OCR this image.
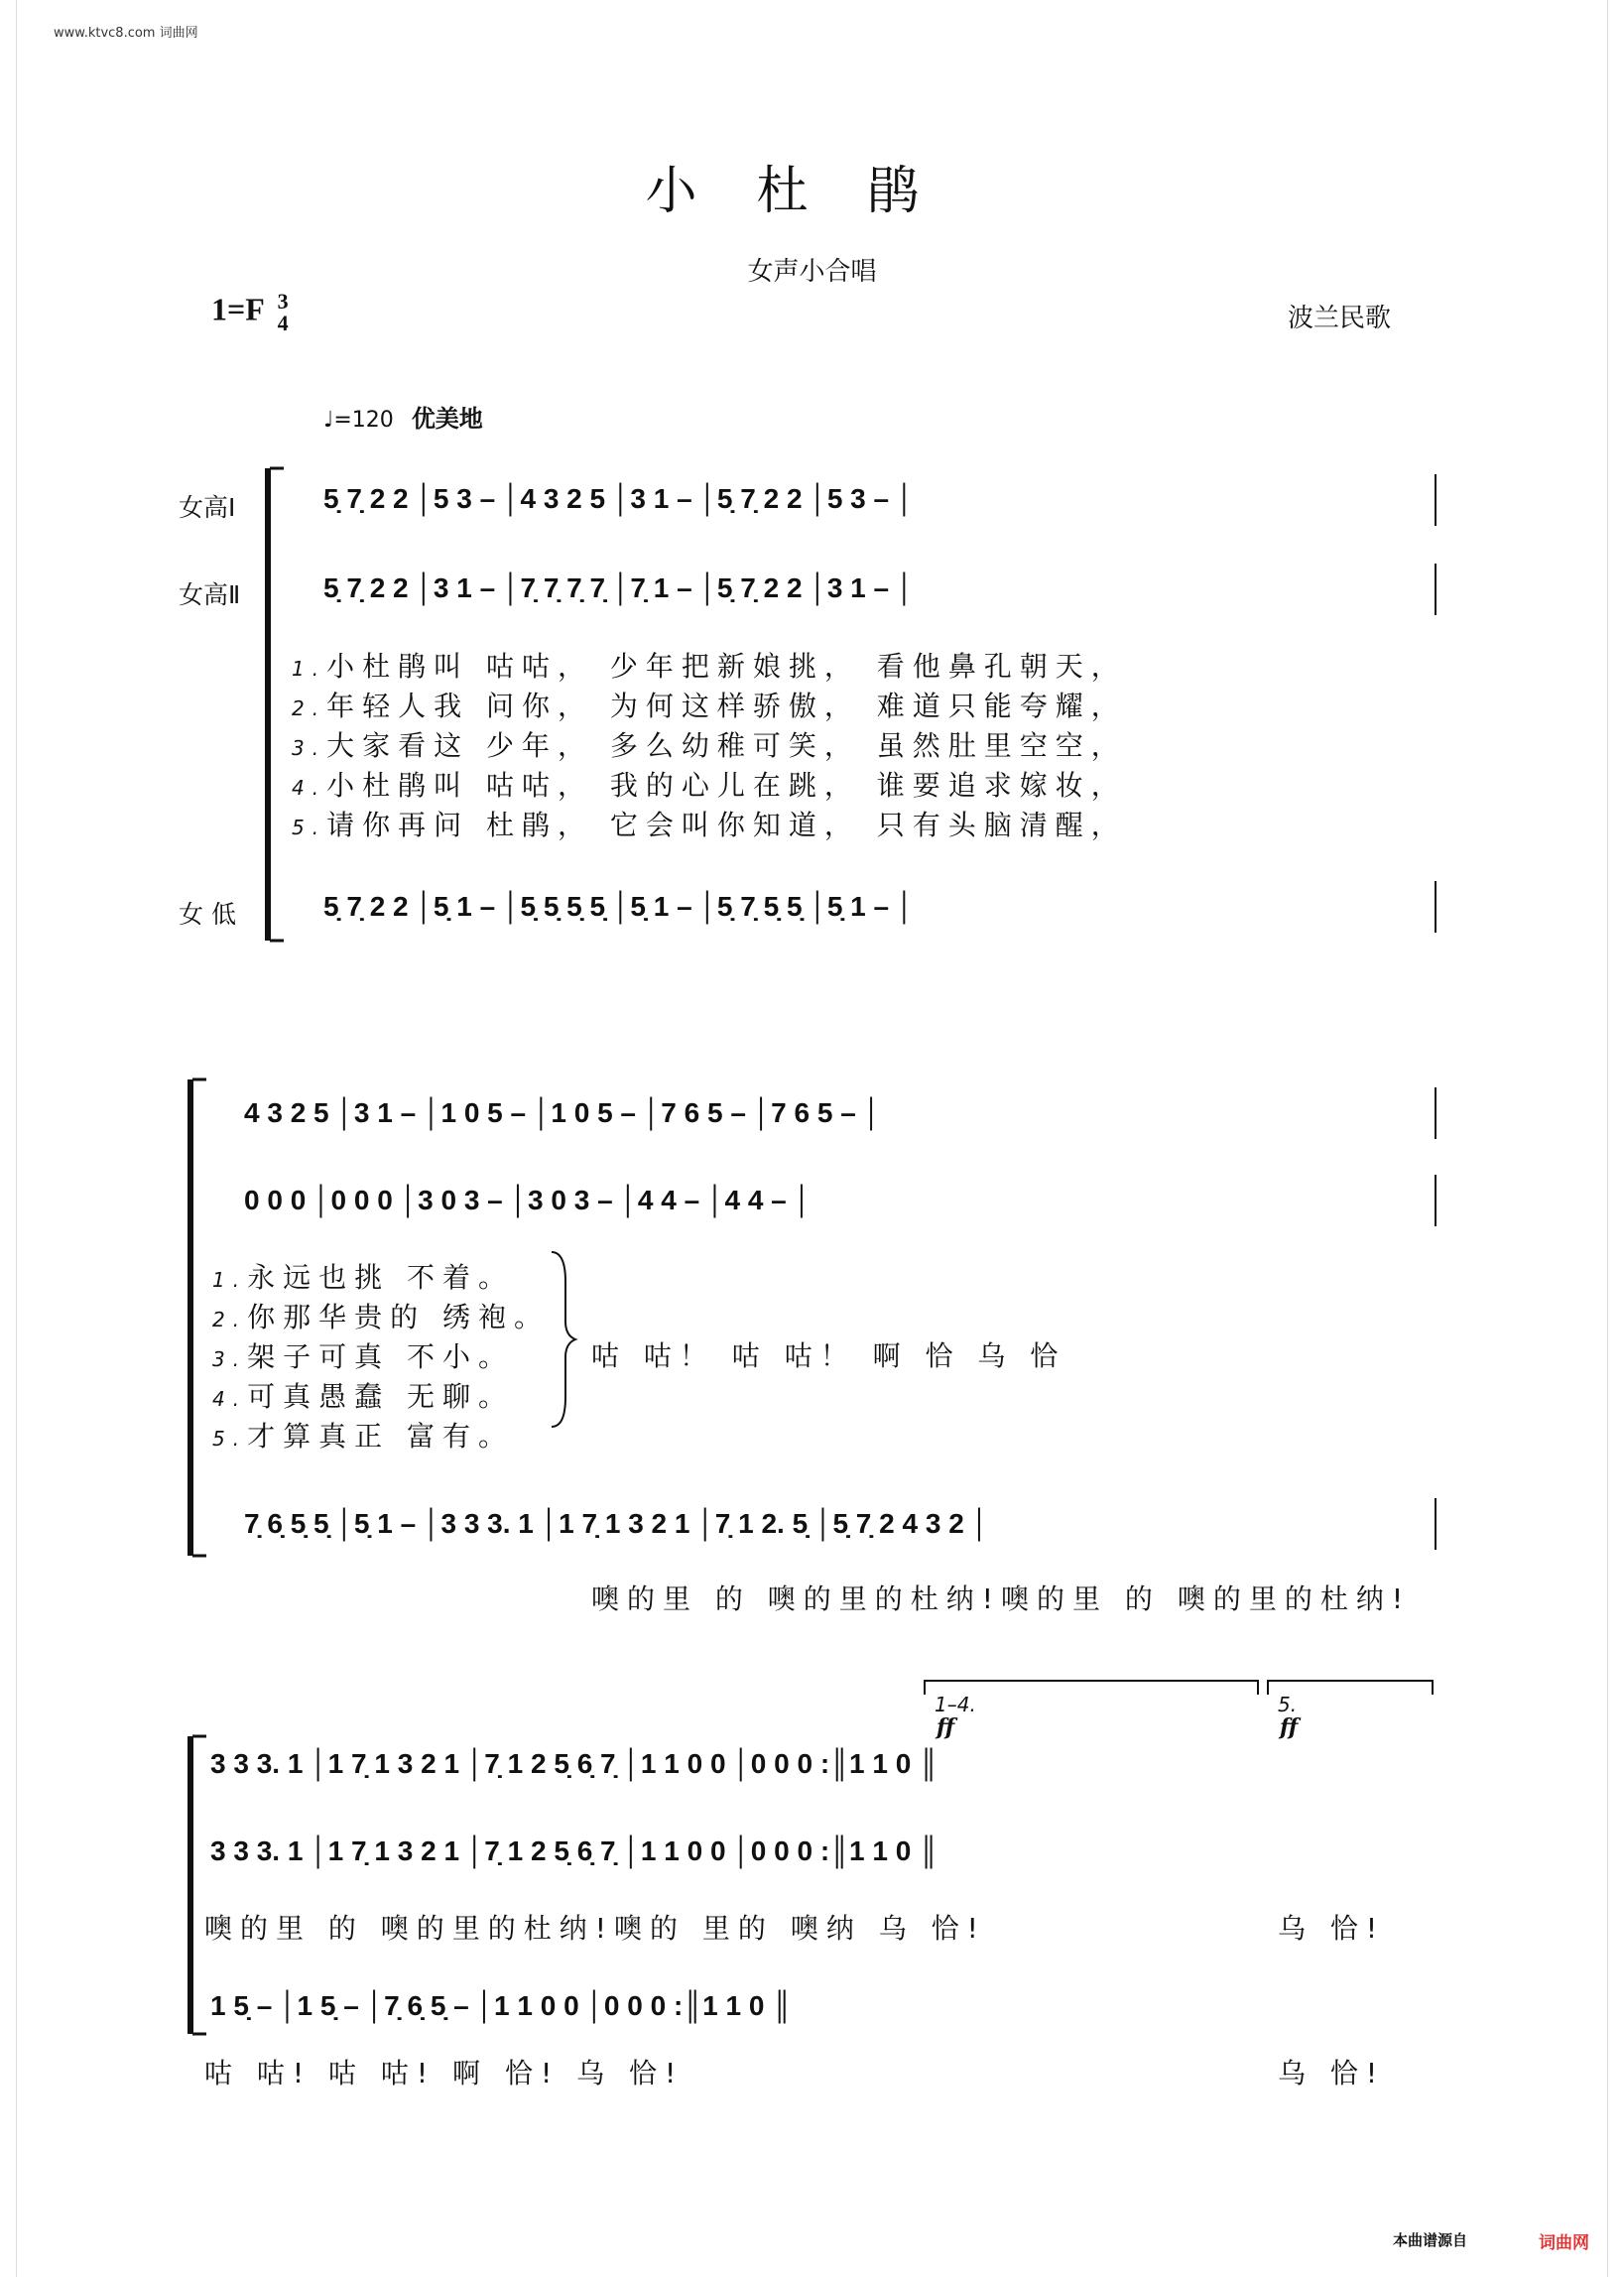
www.ktvc8.com 词曲网
小杜鹃
女声小合唱
1=F 3
4	波兰民歌
♩=120 优美地
女高Ⅰ
女高Ⅱ
女 低
5̣ 7̣ 2 2 │5 3 – │4 3 2 5 │3 1 – │5̣ 7̣ 2 2 │5 3 – │
5̣ 7̣ 2 2 │3 1 – │7̣ 7̣ 7̣ 7̣ │7̣ 1 – │5̣ 7̣ 2 2 │3 1 – │
5̣ 7̣ 2 2 │5̣ 1 – │5̣ 5̣ 5̣ 5̣ │5̣ 1 – │5̣ 7̣ 5̣ 5̣ │5̣ 1 – │
1.小杜鹃叫 咕咕， 少年把新娘挑， 看他鼻孔朝天，
2.年轻人我 问你， 为何这样骄傲， 难道只能夸耀，
3.大家看这 少年， 多么幼稚可笑， 虽然肚里空空，
4.小杜鹃叫 咕咕， 我的心儿在跳， 谁要追求嫁妆，
5.请你再问 杜鹃， 它会叫你知道， 只有头脑清醒，
4 3 2 5 │3 1 – │1 0 5 – │1 0 5 – │7 6 5 – │7 6 5 – │
0 0 0 │0 0 0 │3 0 3 – │3 0 3 – │4 4 – │4 4 – │
1.永远也挑 不着。
2.你那华贵的 绣袍。
3.架子可真 不小。
4.可真愚蠢 无聊。
5.才算真正 富有。
咕 咕！ 咕 咕！ 啊 恰 乌 恰
7̣ 6̣ 5̣ 5̣ │5̣ 1 – │3 3 3. 1 │1 7̣ 1 3 2 1 │7̣ 1 2. 5̣ │5̣ 7̣ 2 4 3 2 │
噢的里 的 噢的里的杜纳!噢的里 的 噢的里的杜纳!
1–4.	5.
ff	ff
3 3 3. 1 │1 7̣ 1 3 2 1 │7̣ 1 2 5̣ 6̣ 7̣ │1 1 0 0 │0 0 0 :║1 1 0 ║
3 3 3. 1 │1 7̣ 1 3 2 1 │7̣ 1 2 5̣ 6̣ 7̣ │1 1 0 0 │0 0 0 :║1 1 0 ║
噢的里 的 噢的里的杜纳!噢的 里的 噢纳 乌 恰!	乌 恰!
1 5̣ – │1 5̣ – │7̣ 6̣ 5̣ – │1 1 0 0 │0 0 0 :║1 1 0 ║
咕 咕! 咕 咕! 啊 恰! 乌 恰!	乌 恰!
本曲谱源自	词曲网
